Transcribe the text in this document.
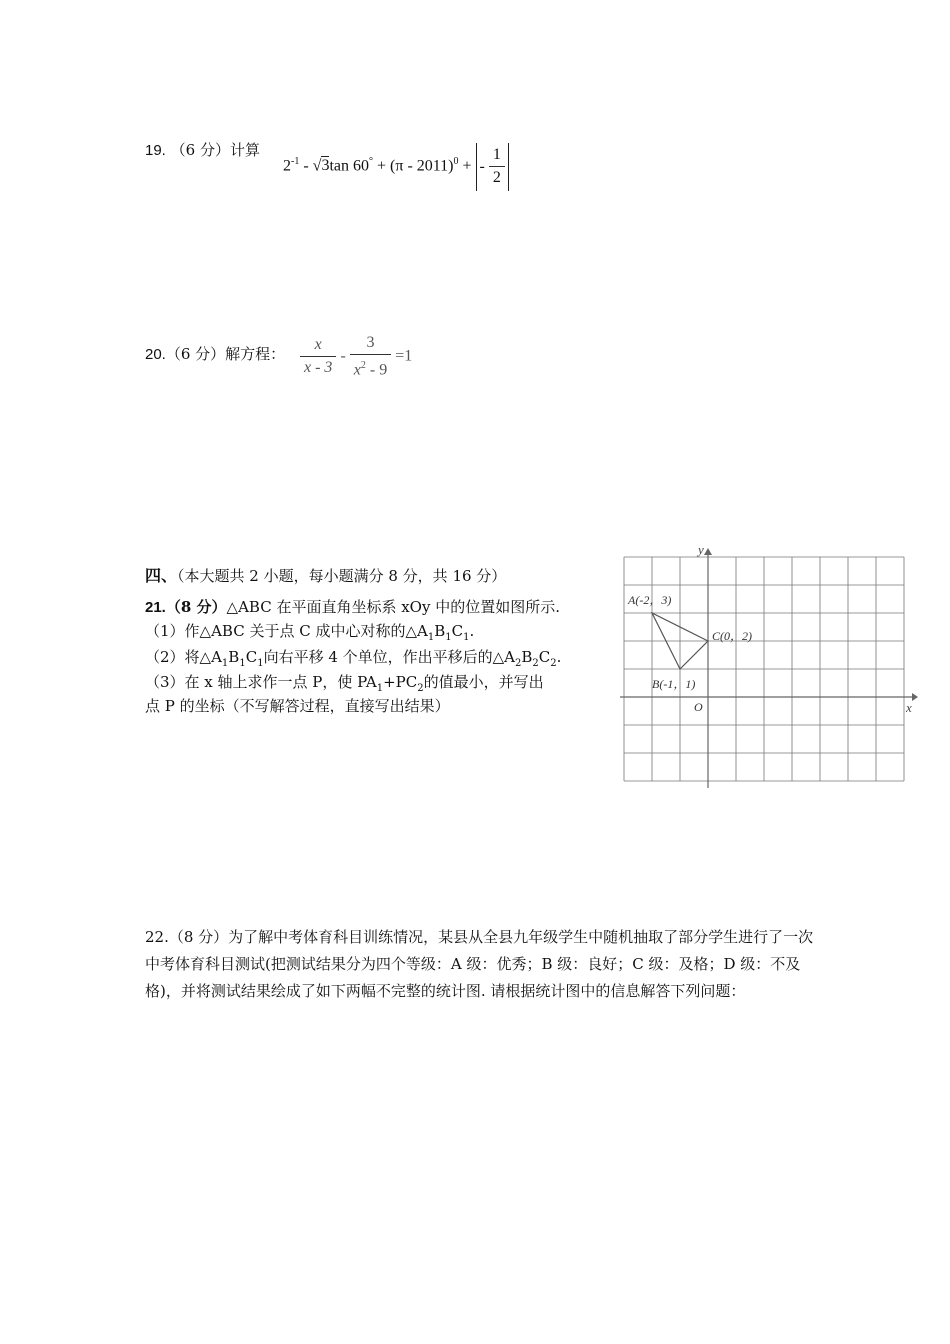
19. （6 分）计算
$2^{-1} - √3\tan$ 60° + (π - 2011)$^0$ + - $\frac{1}{2}$
20.（6 分）解方程： $\frac{x}{x - 3} - \frac{3}{x^2 - 9} =1$
四、（本大题共 2 小题，每小题满分 8 分，共 16 分）
21.（8 分）△ABC 在平面直角坐标系 xOy 中的位置如图所示.
（1）作△ABC 关于点 C 成中心对称的$\triangle A_1B_1C_1$.
（2）将$\triangle A_1B_1C_1$向右平移 4 个单位，作出平移后的$\triangle A_2B_2C_2$.
（3）在 x 轴上求作一点 P，使 $PA_1+PC_2$的值最小，并写出
点 P 的坐标（不写解答过程，直接写出结果）	x
y
O
A(-2，3)
B(-1，1)
C(0，2)
22.（8 分）为了解中考体育科目训练情况，某县从全县九年级学生中随机抽取了部分学生进行了一次中考体育科目测试(把测试结果分为四个等级：A 级：优秀；B 级：良好；C 级：及格；D 级：不及格)，并将测试结果绘成了如下两幅不完整的统计图. 请根据统计图中的信息解答下列问题：
